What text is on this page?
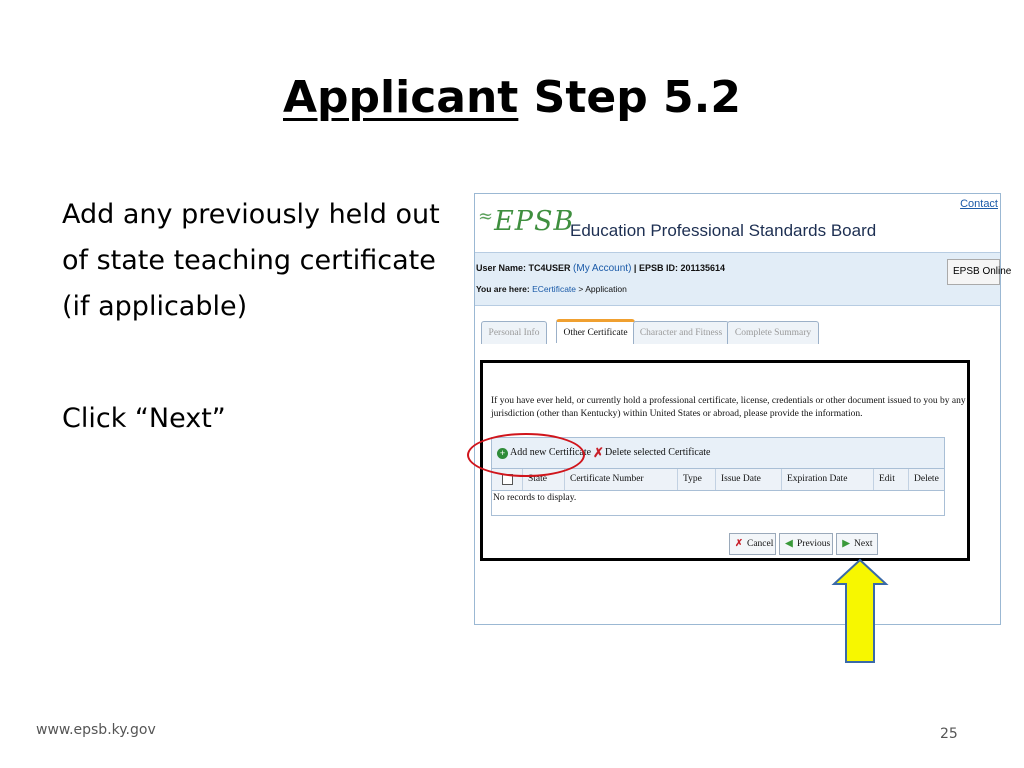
Applicant Step 5.2

Add any previously held out of state teaching certificate (if applicable)

Click “Next”

Contact
≈EPSB
Education Professional Standards Board
User Name: TC4USER (My Account) | EPSB ID: 201135614
You are here: ECertificate > Application
EPSB Online
Personal Info	Other Certificate	Character and Fitness	Complete Summary
If you have ever held, or currently hold a professional certificate, license, credentials or other document issued to you by any jurisdiction (other than Kentucky) within United States or abroad, please provide the information.
+ Add new Certificate ✗ Delete selected Certificate
State	Certificate Number	Type	Issue Date	Expiration Date	Edit	Delete
No records to display.
✗ Cancel	◀ Previous	▶ Next
www.epsb.ky.gov	25
